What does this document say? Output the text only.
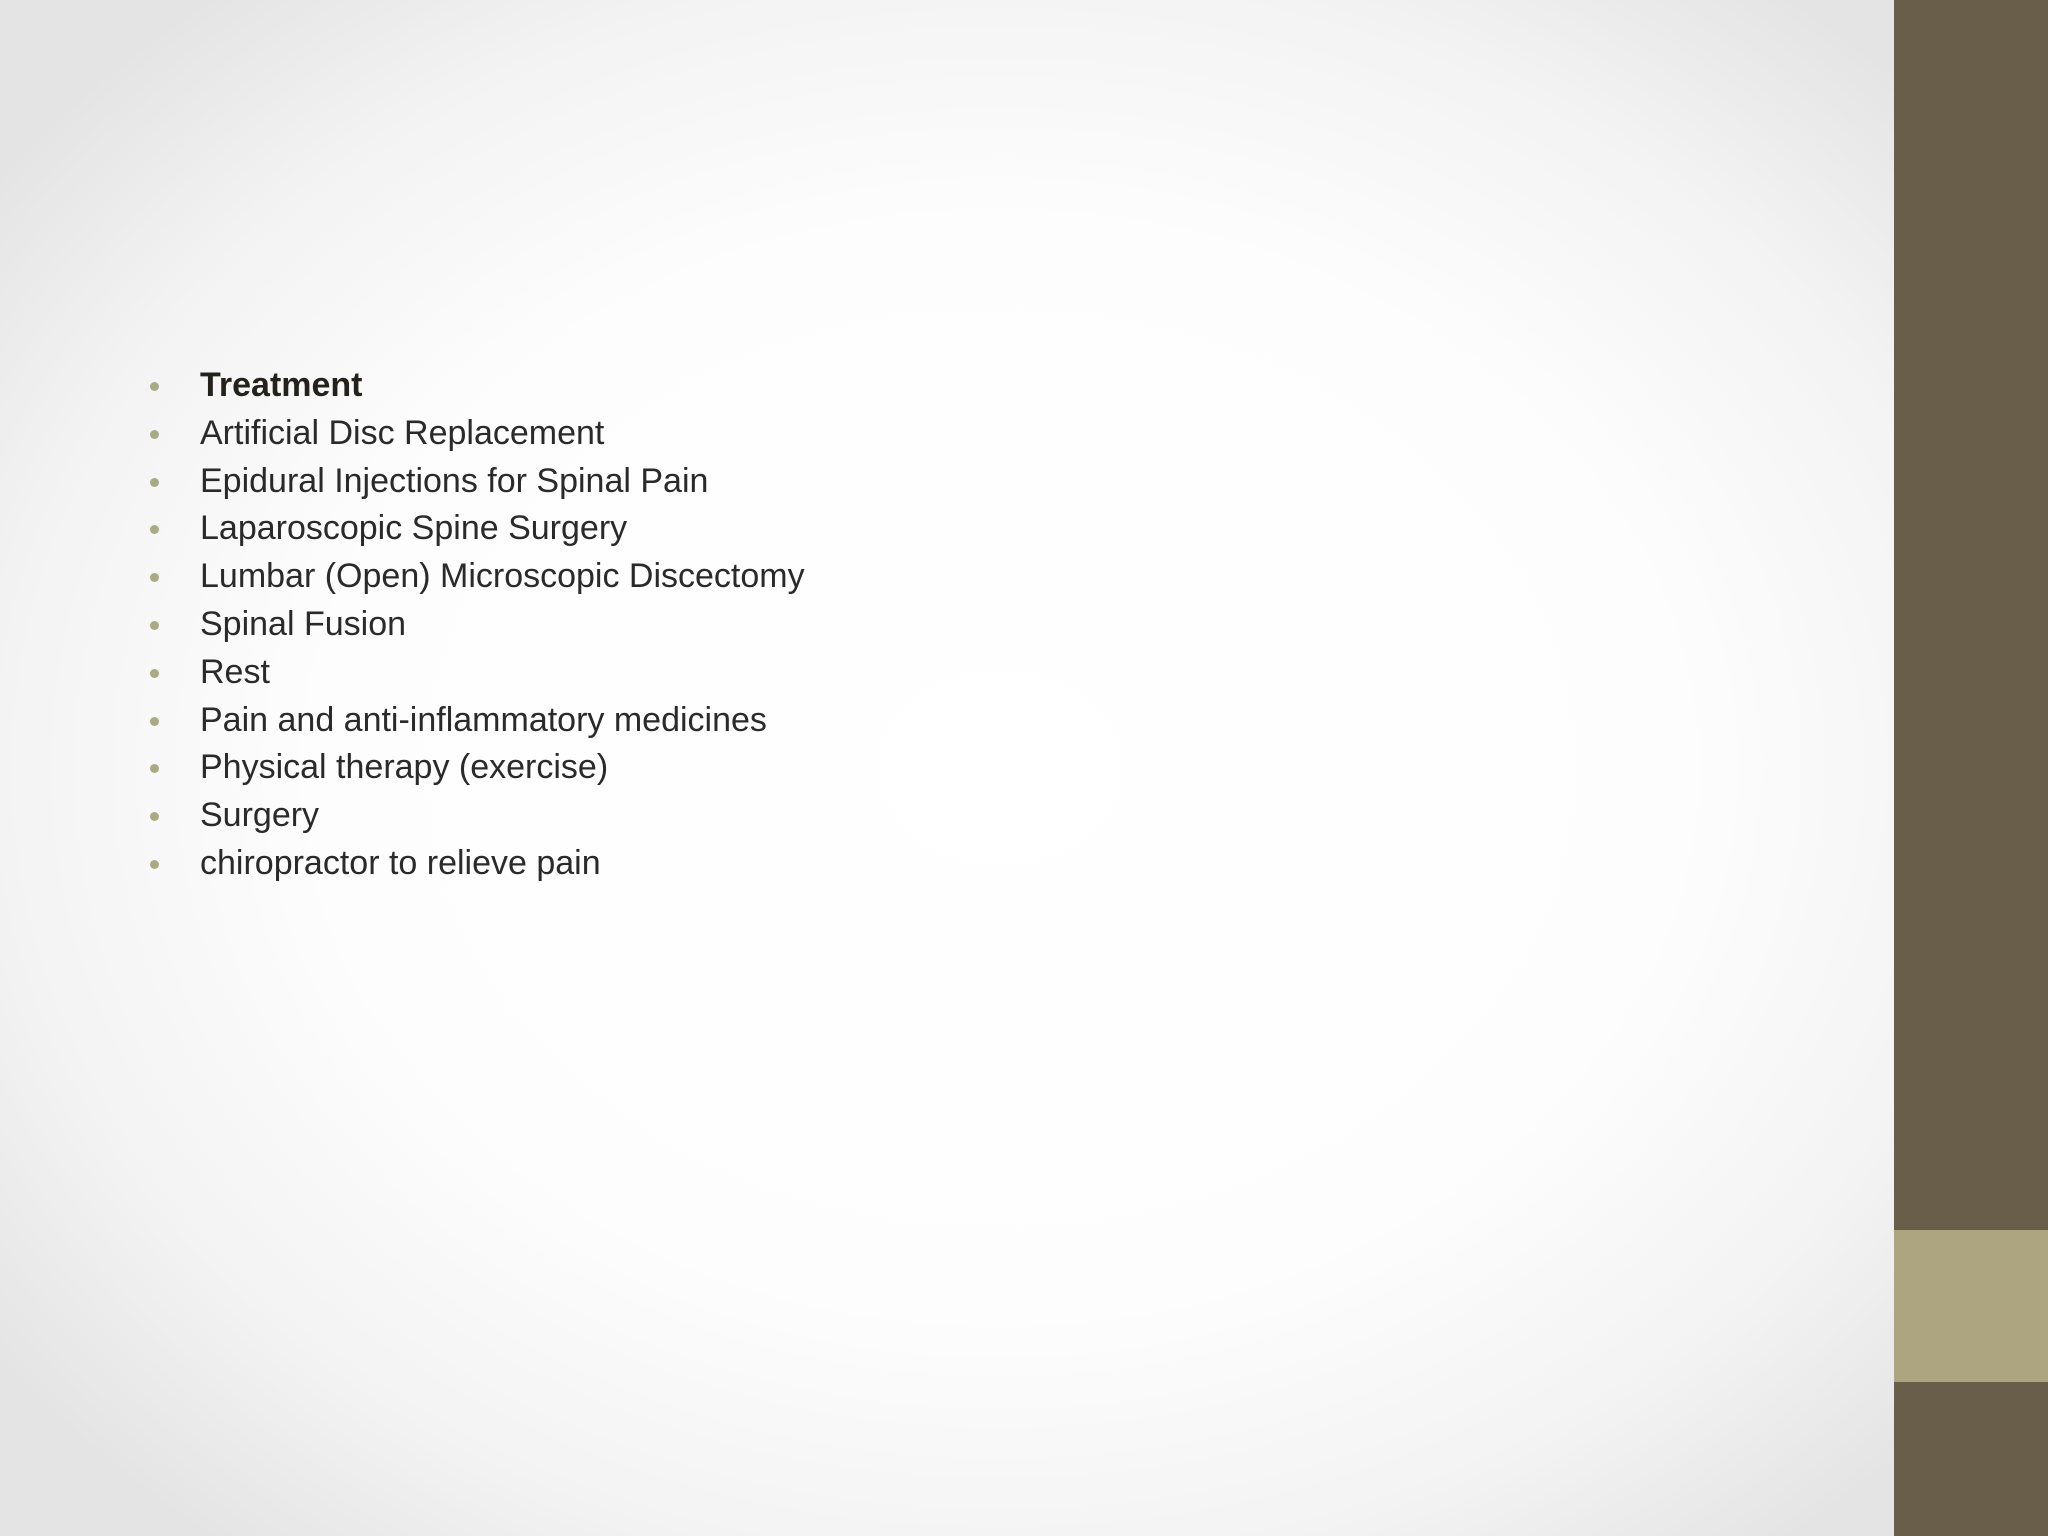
Treatment
Artificial Disc Replacement
Epidural Injections for Spinal Pain
Laparoscopic Spine Surgery
Lumbar (Open) Microscopic Discectomy
Spinal Fusion
Rest
Pain and anti-inflammatory medicines
Physical therapy (exercise)
Surgery
chiropractor to relieve pain
